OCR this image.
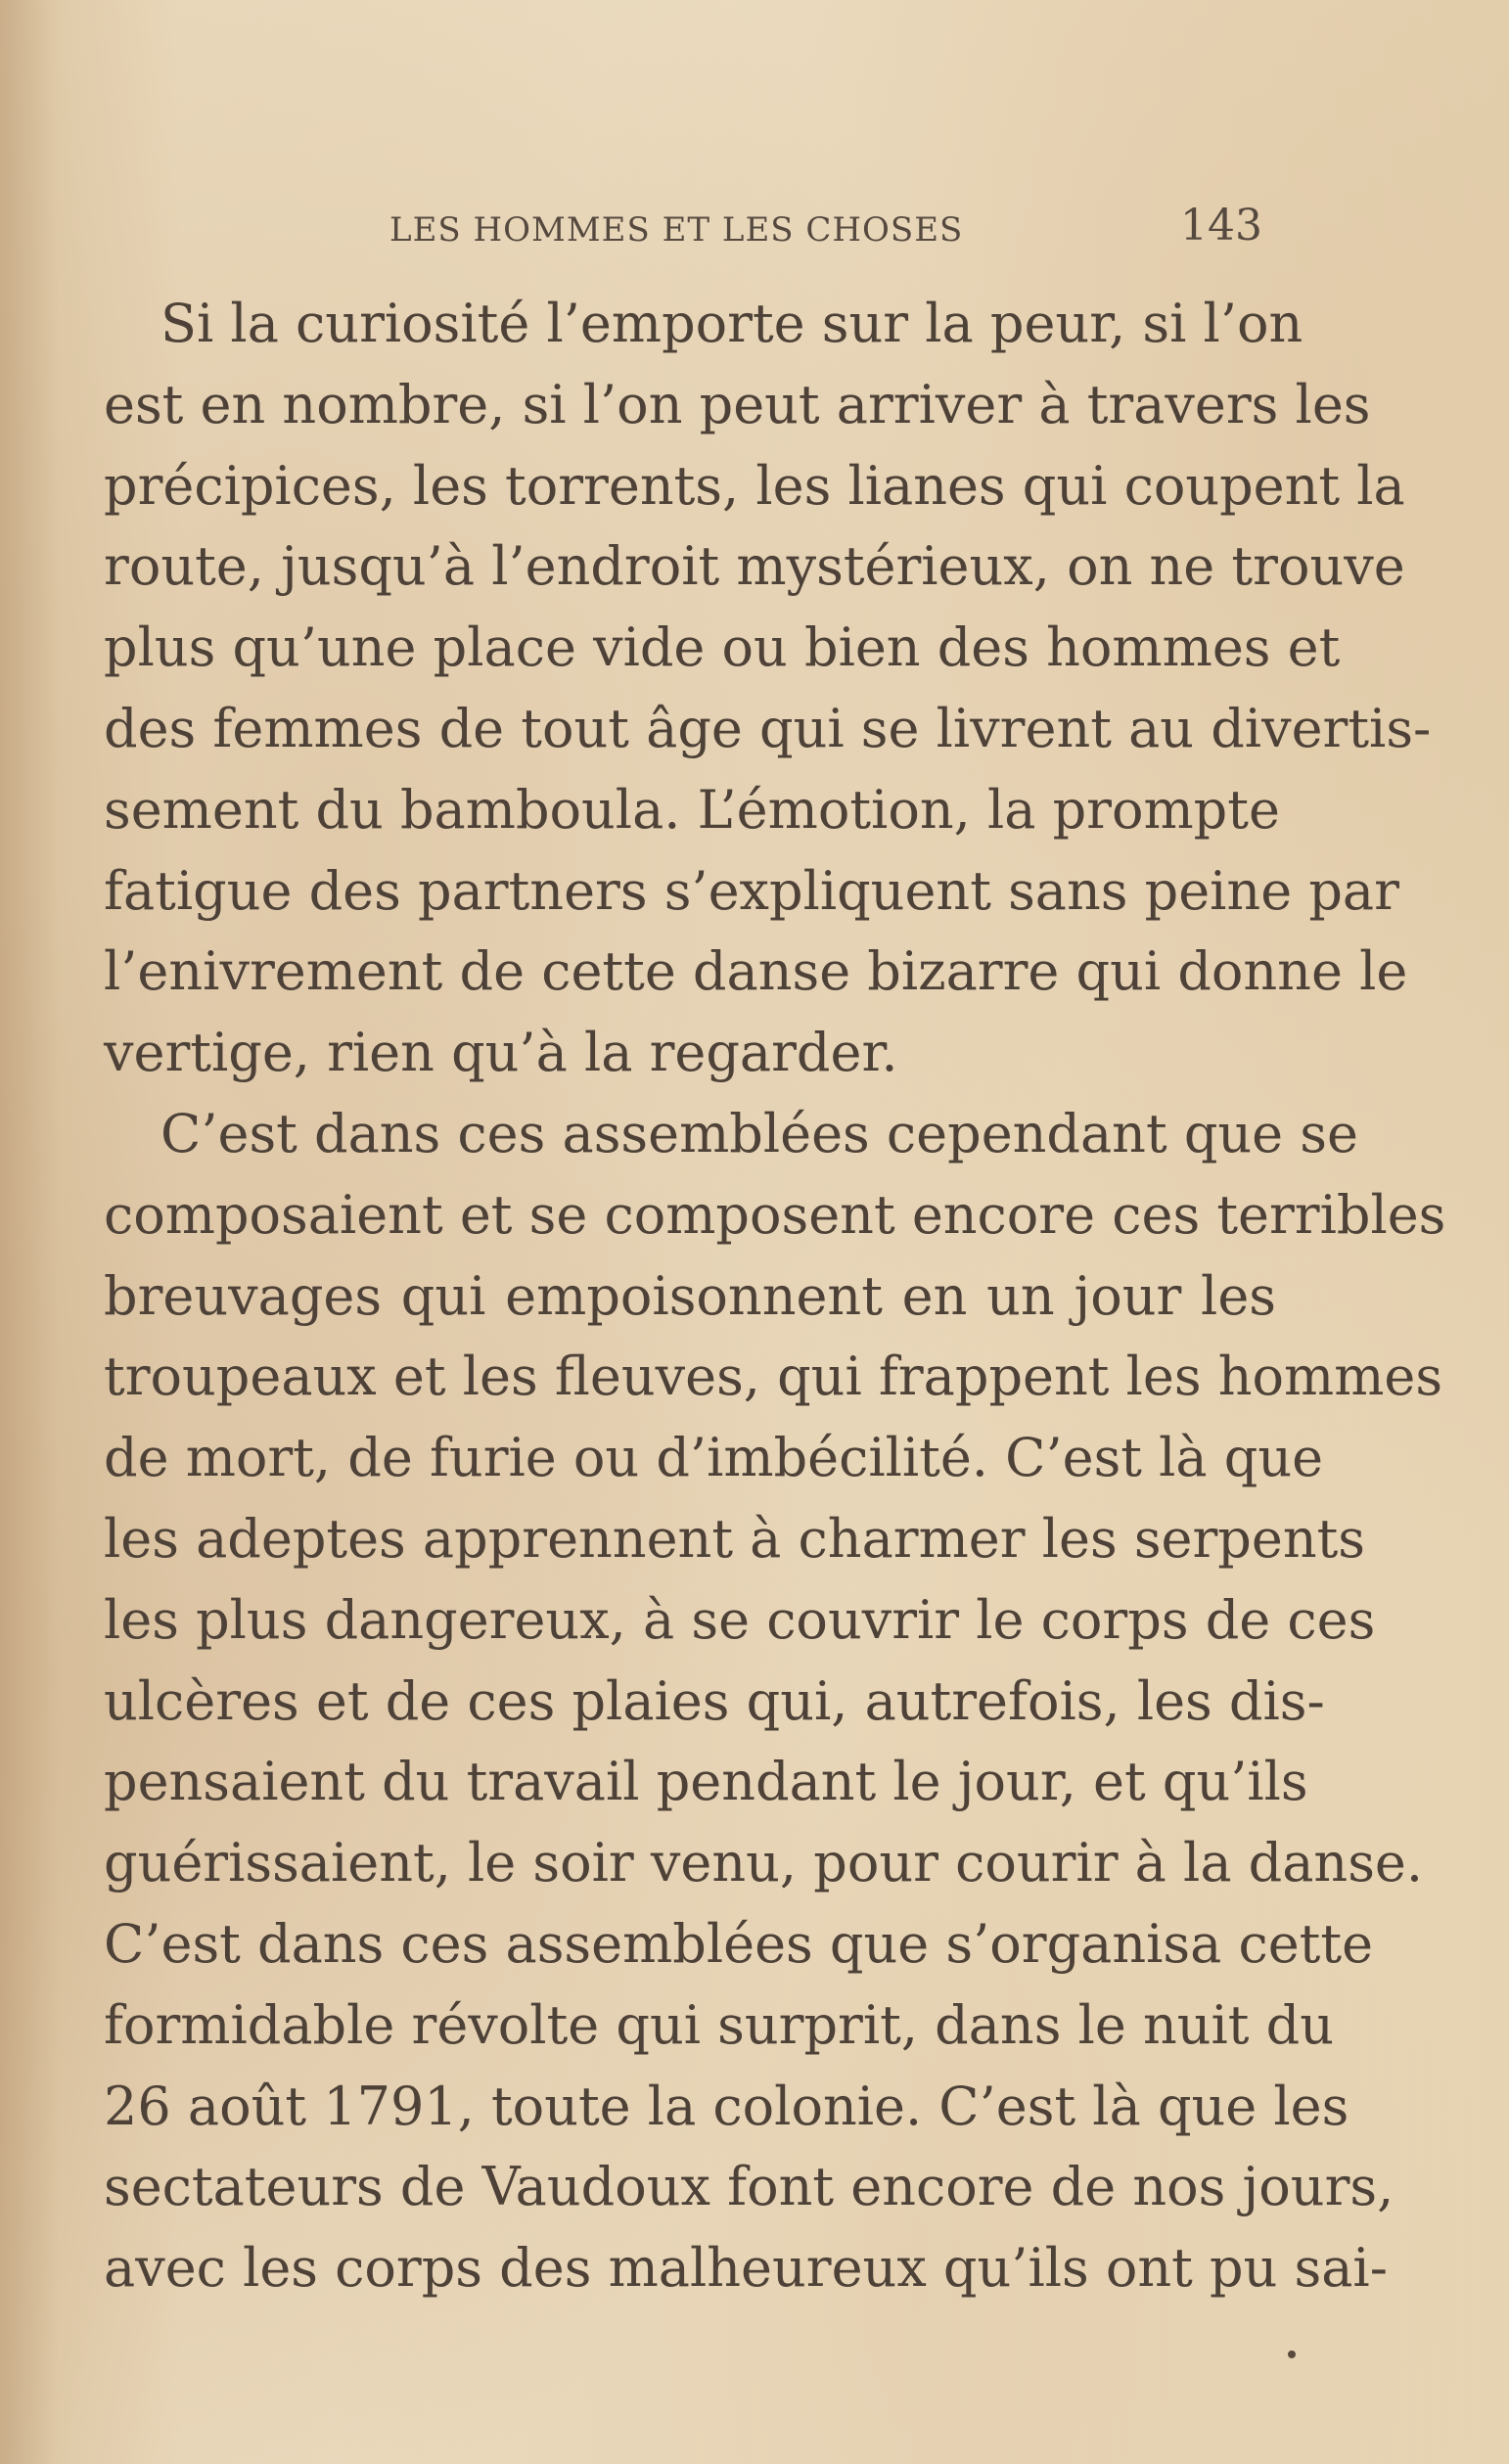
LES HOMMES ET LES CHOSES	143
Si la curiosité l’emporte sur la peur, si l’on
est en nombre, si l’on peut arriver à travers les
précipices, les torrents, les lianes qui coupent la
route, jusqu’à l’endroit mystérieux, on ne trouve
plus qu’une place vide ou bien des hommes et
des femmes de tout âge qui se livrent au divertis-
sement du bamboula. L’émotion, la prompte
fatigue des partners s’expliquent sans peine par
l’enivrement de cette danse bizarre qui donne le
vertige, rien qu’à la regarder.
C’est dans ces assemblées cependant que se
composaient et se composent encore ces terribles
breuvages qui empoisonnent en un jour les
troupeaux et les fleuves, qui frappent les hommes
de mort, de furie ou d’imbécilité. C’est là que
les adeptes apprennent à charmer les serpents
les plus dangereux, à se couvrir le corps de ces
ulcères et de ces plaies qui, autrefois, les dis-
pensaient du travail pendant le jour, et qu’ils
guérissaient, le soir venu, pour courir à la danse.
C’est dans ces assemblées que s’organisa cette
formidable révolte qui surprit, dans le nuit du
26 août 1791, toute la colonie. C’est là que les
sectateurs de Vaudoux font encore de nos jours,
avec les corps des malheureux qu’ils ont pu sai-
